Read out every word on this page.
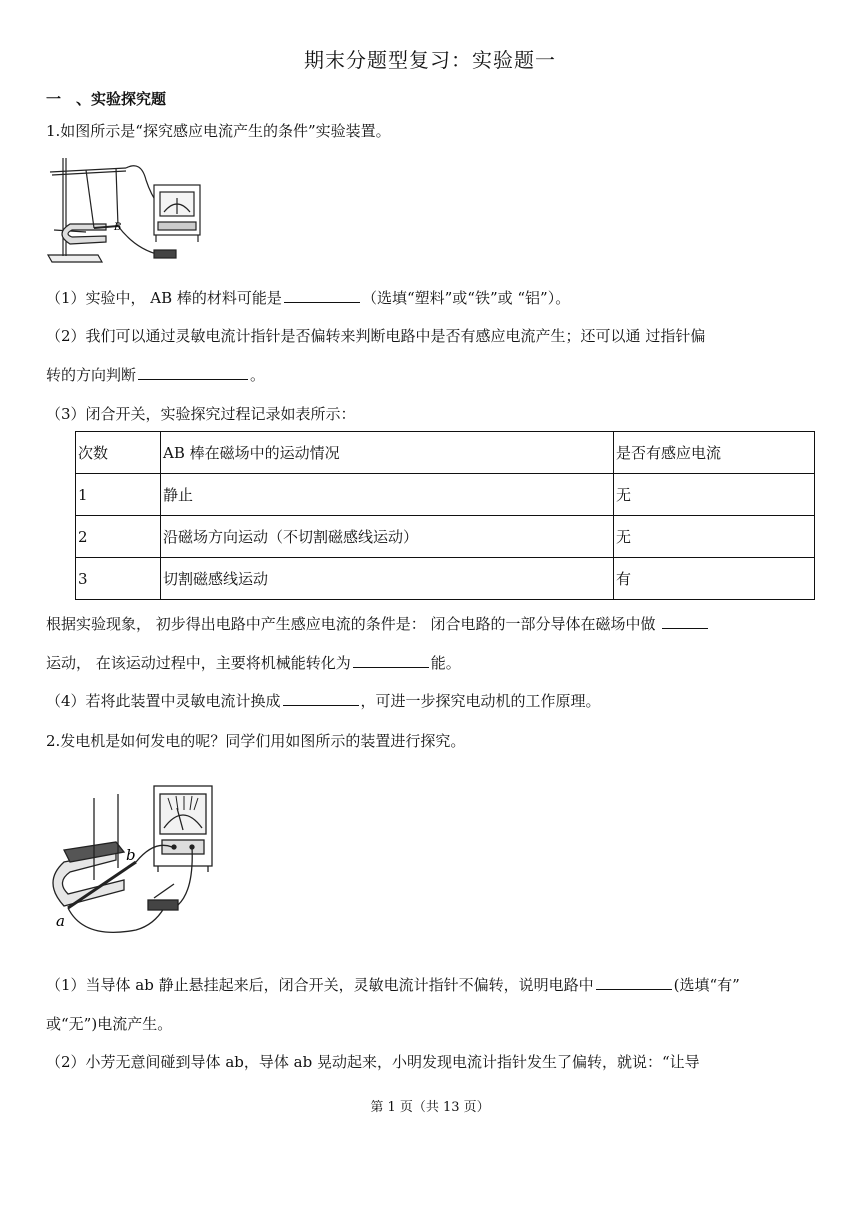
期末分题型复习：实验题一
一　、实验探究题
1.如图所示是“探究感应电流产生的条件”实验装置。
B
（1）实验中， AB 棒的材料可能是	（选填“塑料”或“铁”或 “铝”）。
（2）我们可以通过灵敏电流计指针是否偏转来判断电路中是否有感应电流产生；还可以通 过指针偏
转的方向判断	。
（3）闭合开关，实验探究过程记录如表所示：
次数	AB 棒在磁场中的运动情况	是否有感应电流
1	静止	无
2	沿磁场方向运动（不切割磁感线运动）	无
3	切割磁感线运动	有
根据实验现象， 初步得出电路中产生感应电流的条件是： 闭合电路的一部分导体在磁场中做
运动， 在该运动过程中，主要将机械能转化为	能。
（4）若将此装置中灵敏电流计换成	，可进一步探究电动机的工作原理。
2.发电机是如何发电的呢？同学们用如图所示的装置进行探究。
a
b
（1）当导体 ab 静止悬挂起来后，闭合开关，灵敏电流计指针不偏转，说明电路中	(选填“有”
或“无”)电流产生。
（2）小芳无意间碰到导体 ab，导体 ab 晃动起来，小明发现电流计指针发生了偏转，就说：“让导
第 1 页（共 13 页）
